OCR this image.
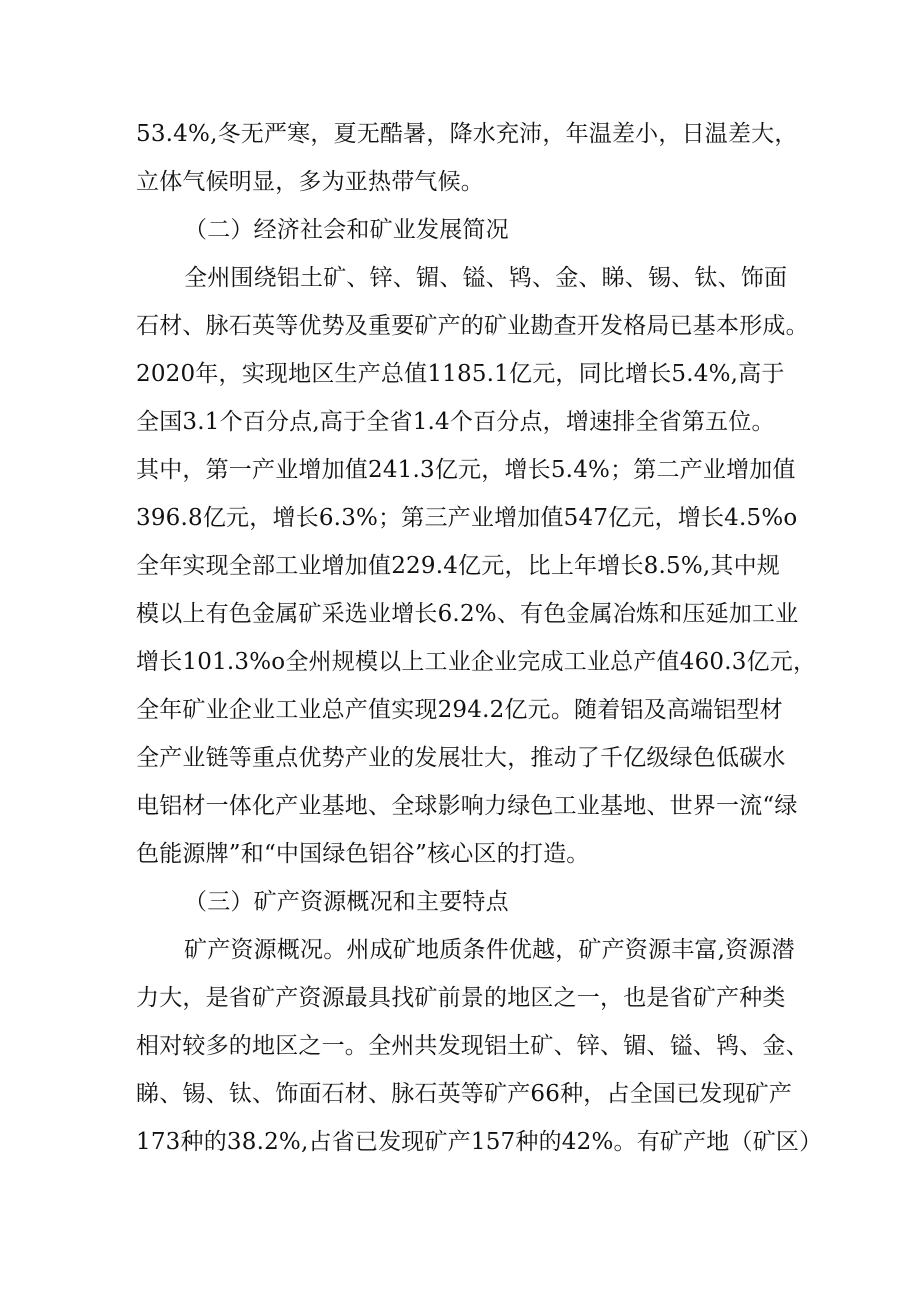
53.4%,冬无严寒，夏无酷暑，降水充沛，年温差小，日温差大，
立体气候明显，多为亚热带气候。
（二）经济社会和矿业发展简况
全州围绕铝土矿、锌、镅、镒、鸨、金、睇、锡、钛、饰面
石材、脉石英等优势及重要矿产的矿业勘查开发格局已基本形成。
2020年，实现地区生产总值1185.1亿元，同比增长5.4%,高于
全国3.1个百分点,高于全省1.4个百分点，增速排全省第五位。
其中，第一产业增加值241.3亿元，增长5.4%；第二产业增加值
396.8亿元，增长6.3%；第三产业增加值547亿元，增长4.5%o
全年实现全部工业增加值229.4亿元，比上年增长8.5%,其中规
模以上有色金属矿采选业增长6.2%、有色金属冶炼和压延加工业
增长101.3%o全州规模以上工业企业完成工业总产值460.3亿元，
全年矿业企业工业总产值实现294.2亿元。随着铝及高端铝型材
全产业链等重点优势产业的发展壮大，推动了千亿级绿色低碳水
电铝材一体化产业基地、全球影响力绿色工业基地、世界一流“绿
色能源牌”和“中国绿色铝谷”核心区的打造。
（三）矿产资源概况和主要特点
矿产资源概况。州成矿地质条件优越，矿产资源丰富,资源潜
力大，是省矿产资源最具找矿前景的地区之一，也是省矿产种类
相对较多的地区之一。全州共发现铝土矿、锌、镅、镒、鸨、金、
睇、锡、钛、饰面石材、脉石英等矿产66种，占全国已发现矿产
173种的38.2%,占省已发现矿产157种的42%。有矿产地（矿区）
